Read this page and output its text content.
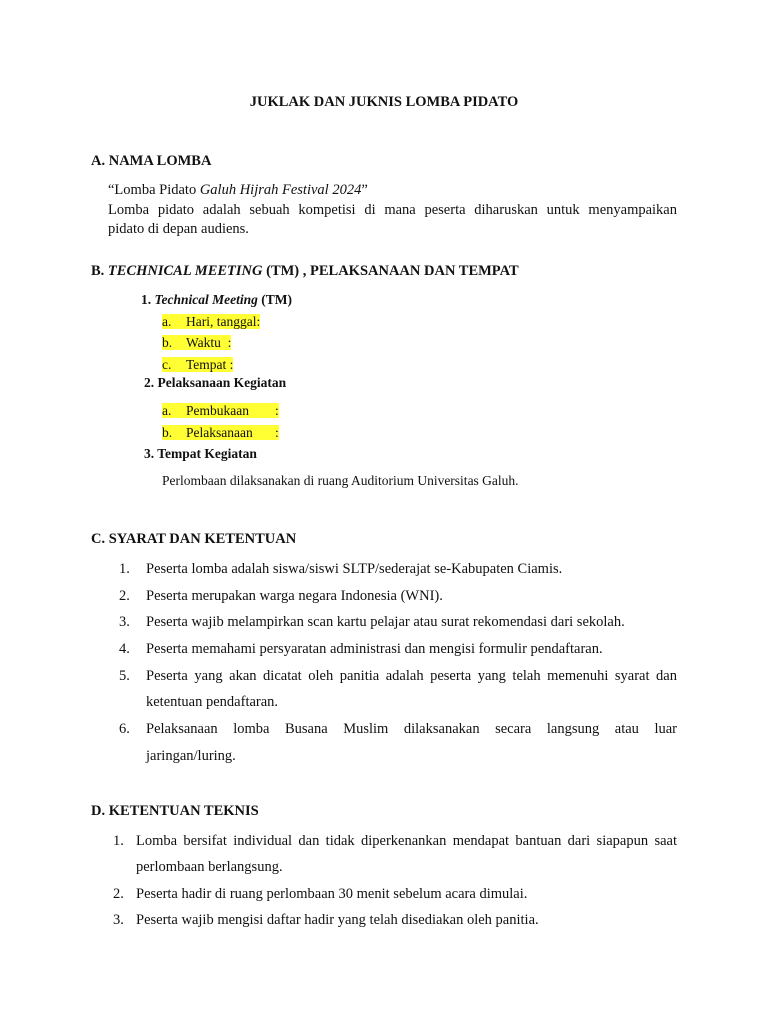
JUKLAK DAN JUKNIS LOMBA PIDATO
A. NAMA LOMBA
“Lomba Pidato Galuh Hijrah Festival 2024”
Lomba pidato adalah sebuah kompetisi di mana peserta diharuskan untuk menyampaikan
pidato di depan audiens.
B. TECHNICAL MEETING (TM) , PELAKSANAAN DAN TEMPAT
1. Technical Meeting (TM)
a. Hari, tanggal:
b. Waktu  :
c. Tempat :
2. Pelaksanaan Kegiatan
a. Pembukaan :
b. Pelaksanaan :
3. Tempat Kegiatan
Perlombaan dilaksanakan di ruang Auditorium Universitas Galuh.
C. SYARAT DAN KETENTUAN
1. Peserta lomba adalah siswa/siswi SLTP/sederajat se-Kabupaten Ciamis.
2. Peserta merupakan warga negara Indonesia (WNI).
3. Peserta wajib melampirkan scan kartu pelajar atau surat rekomendasi dari sekolah.
4. Peserta memahami persyaratan administrasi dan mengisi formulir pendaftaran.
5. Peserta yang akan dicatat oleh panitia adalah peserta yang telah memenuhi syarat dan
ketentuan pendaftaran.
6. Pelaksanaan lomba Busana Muslim dilaksanakan secara langsung atau luar
jaringan/luring.
D. KETENTUAN TEKNIS
1. Lomba bersifat individual dan tidak diperkenankan mendapat bantuan dari siapapun saat
perlombaan berlangsung.
2. Peserta hadir di ruang perlombaan 30 menit sebelum acara dimulai.
3. Peserta wajib mengisi daftar hadir yang telah disediakan oleh panitia.
